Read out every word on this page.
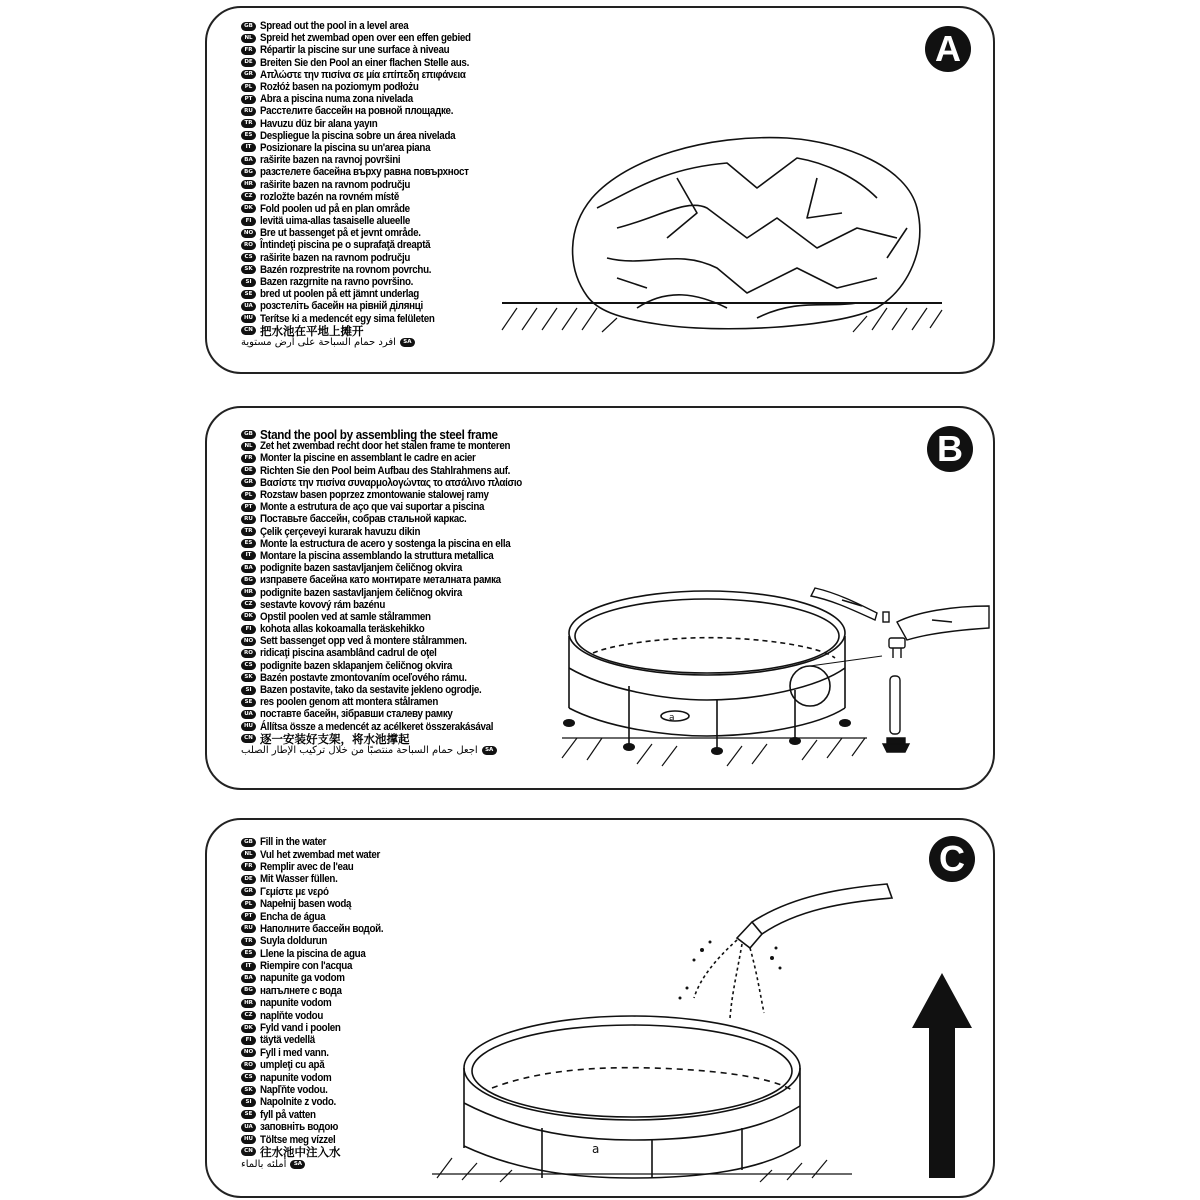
GB Spread out the pool in a level area
NL Spreid het zwembad open over een effen gebied
FR Répartir la piscine sur une surface à niveau
DE Breiten Sie den Pool an einer flachen Stelle aus.
GR Απλώστε την πισίνα σε μία επίπεδη επιφάνεια
PL Rozłóż basen na poziomym podłożu
PT Abra a piscina numa zona nivelada
RU Расстелите бассейн на ровной площадке.
TR Havuzu düz bir alana yayın
ES Despliegue la piscina sobre un área nivelada
IT Posizionare la piscina su un'area piana
BA raširite bazen na ravnoj površini
BG разстелете басейна върху равна повърхност
HR raširite bazen na ravnom području
CZ rozložte bazén na rovném místě
DK Fold poolen ud på en plan område
FI levitä uima-allas tasaiselle alueelle
NO Bre ut bassenget på et jevnt område.
RO Întindeţi piscina pe o suprafaţă dreaptă
CS raširite bazen na ravnom području
SK Bazén rozprestrite na rovnom povrchu.
SI Bazen razgrnite na ravno površino.
SE bred ut poolen på ett jämnt underlag
UA розстеліть басейн на рівній ділянці
HU Terítse ki a medencét egy sima felületen
CN 把水池在平地上摊开
SA
افرد حمام السباحة على أرض مستوية
A
GB Stand the pool by assembling the steel frame
NL Zet het zwembad recht door het stalen frame te monteren
FR Monter la piscine en assemblant le cadre en acier
DE Richten Sie den Pool beim Aufbau des Stahlrahmens auf.
GR Βασίστε την πισίνα συναρμολογώντας το ατσάλινο πλαίσιο
PL Rozstaw basen poprzez zmontowanie stalowej ramy
PT Monte a estrutura de aço que vai suportar a piscina
RU Поставьте бассейн, собрав стальной каркас.
TR Çelik çerçeveyi kurarak havuzu dikin
ES Monte la estructura de acero y sostenga la piscina en ella
IT Montare la piscina assemblando la struttura metallica
BA podignite bazen sastavljanjem čeličnog okvira
BG изправете басейна като монтирате металната рамка
HR podignite bazen sastavljanjem čeličnog okvira
CZ sestavte kovový rám bazénu
DK Opstil poolen ved at samle stålrammen
FI kohota allas kokoamalla teräskehikko
NO Sett bassenget opp ved å montere stålrammen.
RO ridicaţi piscina asamblând cadrul de oţel
CS podignite bazen sklapanjem čeličnog okvira
SK Bazén postavte zmontovaním oceľového rámu.
SI Bazen postavite, tako da sestavite jekleno ogrodje.
SE res poolen genom att montera stålramen
UA поставте басейн, зібравши сталеву рамку
HU Állítsa össze a medencét az acélkeret összerakásával
CN 逐一安装好支架，将水池撑起
SA
اجعل حمام السباحة منتصبًا من خلال تركيب الإطار الصلب
B
a
GB Fill in the water
NL Vul het zwembad met water
FR Remplir avec de l'eau
DE Mit Wasser füllen.
GR Γεμίστε με νερό
PL Napełnij basen wodą
PT Encha de água
RU Наполните бассейн водой.
TR Suyla doldurun
ES Llene la piscina de agua
IT Riempire con l'acqua
BA napunite ga vodom
BG напълнете с вода
HR napunite vodom
CZ naplňte vodou
DK Fyld vand i poolen
FI täytä vedellä
NO Fyll i med vann.
RO umpleţi cu apă
CS napunite vodom
SK Napľňte vodou.
SI Napolnite z vodo.
SE fyll på vatten
UA заповніть водою
HU Töltse meg vízzel
CN 往水池中注入水
SA
أملئه بالماء
C
a
